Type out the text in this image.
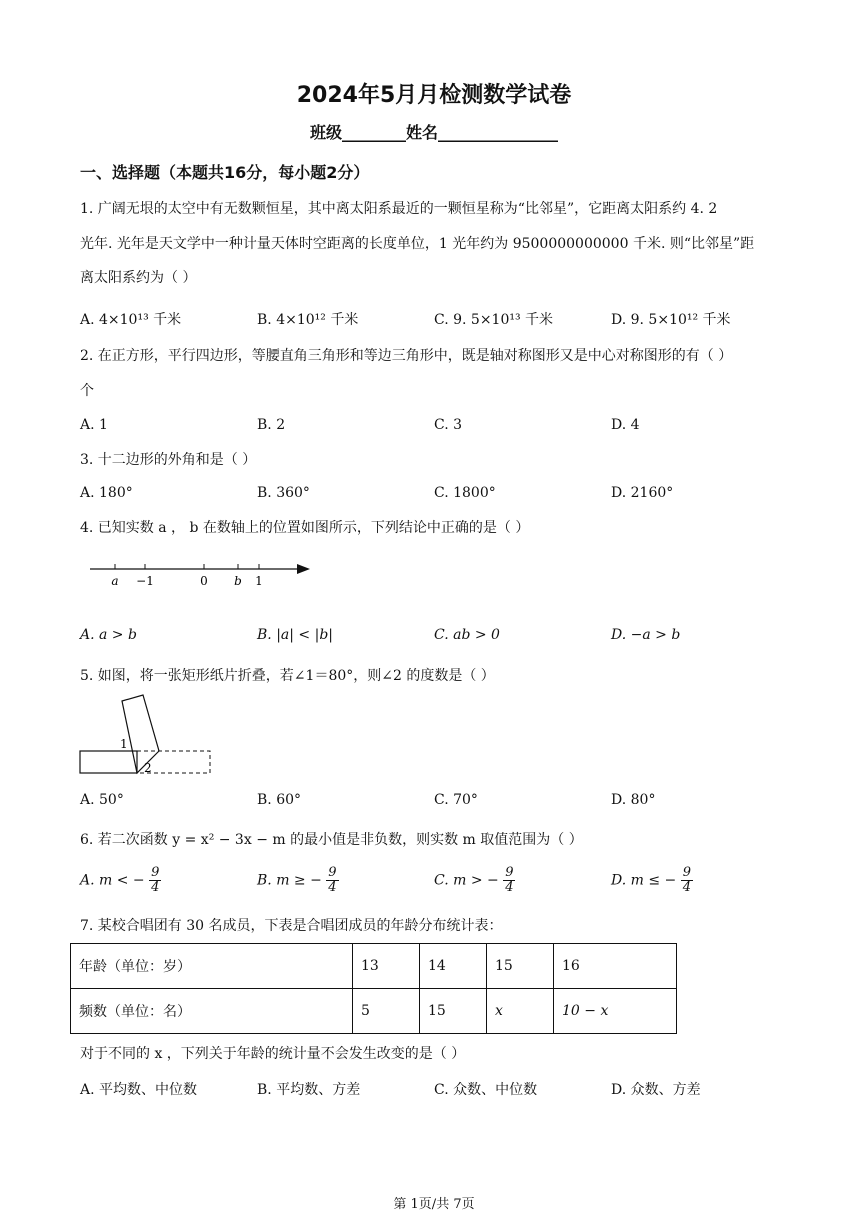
2024年5月月检测数学试卷
班级________姓名_______________
一、选择题（本题共16分，每小题2分）
1. 广阔无垠的太空中有无数颗恒星，其中离太阳系最近的一颗恒星称为“比邻星”，它距离太阳系约 4. 2
光年. 光年是天文学中一种计量天体时空距离的长度单位，1 光年约为 9500000000000 千米. 则“比邻星”距
离太阳系约为（ ）
A. 4×10¹³ 千米	B. 4×10¹² 千米	C. 9. 5×10¹³ 千米	D. 9. 5×10¹² 千米
2. 在正方形，平行四边形，等腰直角三角形和等边三角形中，既是轴对称图形又是中心对称图形的有（ ）
个
A. 1	B. 2	C. 3	D. 4
3. 十二边形的外角和是（ ）
A. 180°	B. 360°	C. 1800°	D. 2160°
4. 已知实数 a ， b 在数轴上的位置如图所示，下列结论中正确的是（ ）
a −1	0 b 1
A. a > b	B. |a| < |b|	C. ab > 0	D. −a > b
5. 如图，将一张矩形纸片折叠，若∠1＝80°，则∠2 的度数是（ ）
1
2
A. 50°	B. 60°	C. 70°	D. 80°
6. 若二次函数 y = x² − 3x − m 的最小值是非负数，则实数 m 取值范围为（ ）
A. m < − $\frac{9}{4}$	B. m ≥ − $\frac{9}{4}$	C. m > − $\frac{9}{4}$	D. m ≤ − $\frac{9}{4}$
7. 某校合唱团有 30 名成员，下表是合唱团成员的年龄分布统计表：
年龄（单位：岁）	13	14	15	16
频数（单位：名）	5	15	x	10 − x
对于不同的 x ，下列关于年龄的统计量不会发生改变的是（ ）
A. 平均数、中位数	B. 平均数、方差	C. 众数、中位数	D. 众数、方差
第 1页/共 7页
